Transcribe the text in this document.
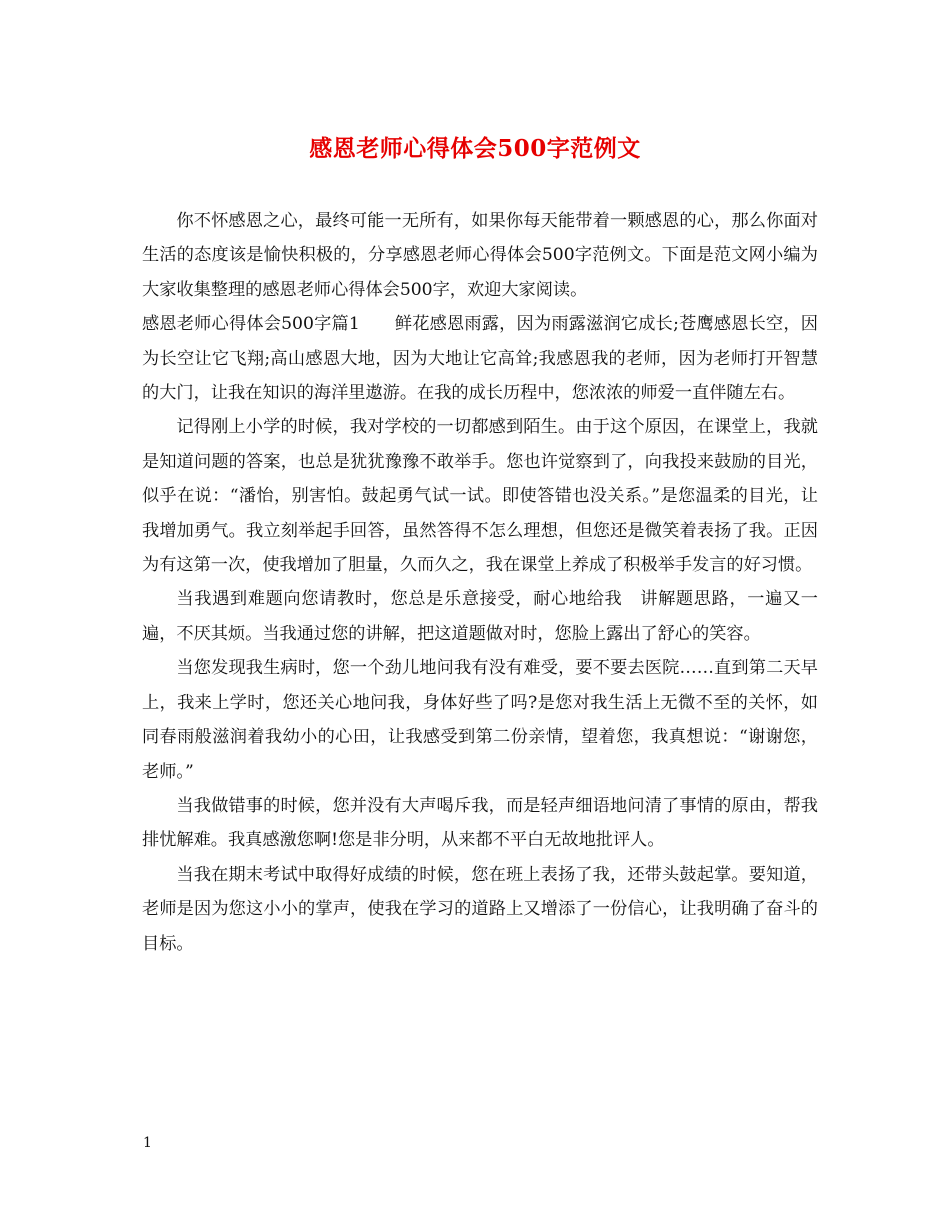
感恩老师心得体会500字范例文

你不怀感恩之心，最终可能一无所有，如果你每天能带着一颗感恩的心，那么你面对生活的态度该是愉快积极的，分享感恩老师心得体会500字范例文。下面是范文网小编为大家收集整理的感恩老师心得体会500字，欢迎大家阅读。

感恩老师心得体会500字篇1　　鲜花感恩雨露，因为雨露滋润它成长;苍鹰感恩长空，因为长空让它飞翔;高山感恩大地，因为大地让它高耸;我感恩我的老师，因为老师打开智慧的大门，让我在知识的海洋里遨游。在我的成长历程中，您浓浓的师爱一直伴随左右。

记得刚上小学的时候，我对学校的一切都感到陌生。由于这个原因，在课堂上，我就是知道问题的答案，也总是犹犹豫豫不敢举手。您也许觉察到了，向我投来鼓励的目光，似乎在说：“潘怡，别害怕。鼓起勇气试一试。即使答错也没关系。”是您温柔的目光，让我增加勇气。我立刻举起手回答，虽然答得不怎么理想，但您还是微笑着表扬了我。正因为有这第一次，使我增加了胆量，久而久之，我在课堂上养成了积极举手发言的好习惯。

当我遇到难题向您请教时，您总是乐意接受，耐心地给我　讲解题思路，一遍又一遍，不厌其烦。当我通过您的讲解，把这道题做对时，您脸上露出了舒心的笑容。

当您发现我生病时，您一个劲儿地问我有没有难受，要不要去医院……直到第二天早上，我来上学时，您还关心地问我，身体好些了吗?是您对我生活上无微不至的关怀，如同春雨般滋润着我幼小的心田，让我感受到第二份亲情，望着您，我真想说：“谢谢您，老师。”

当我做错事的时候，您并没有大声喝斥我，而是轻声细语地问清了事情的原由，帮我排忧解难。我真感激您啊!您是非分明，从来都不平白无故地批评人。

当我在期末考试中取得好成绩的时候，您在班上表扬了我，还带头鼓起掌。要知道，老师是因为您这小小的掌声，使我在学习的道路上又增添了一份信心，让我明确了奋斗的目标。

1
